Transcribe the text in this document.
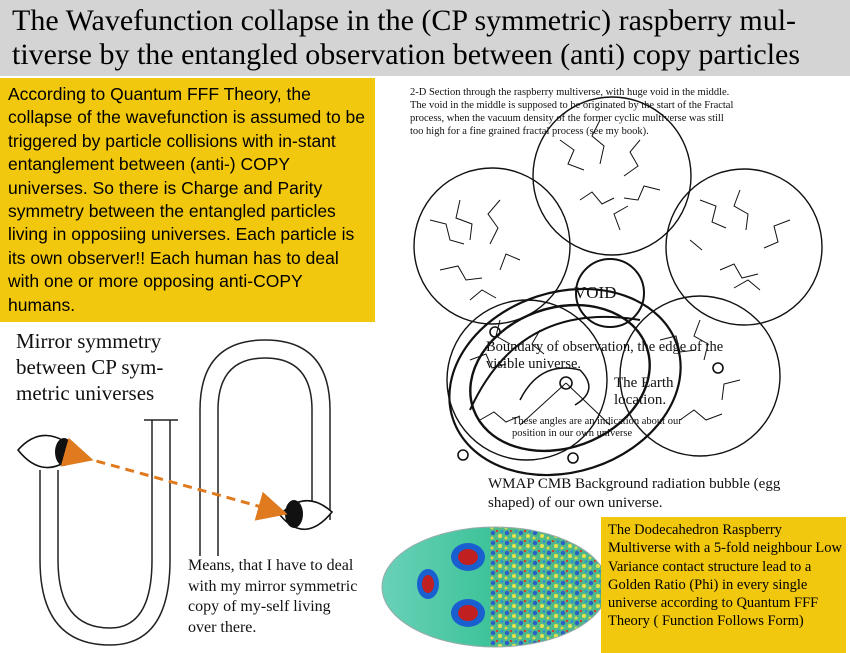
The Wavefunction collapse in the (CP symmetric) raspberry mul-tiverse by the entangled observation between (anti) copy particles
According to Quantum FFF Theory, the collapse of the wavefunction is assumed to be triggered by particle collisions with in-stant entanglement between (anti-) COPY universes. So there is Charge and Parity symmetry between the entangled particles living in opposiing universes. Each particle is its own observer!! Each human has to deal with one or more opposing anti-COPY humans.
Mirror symmetry between CP sym-metric universes
Means, that I have to deal with my mirror symmetric copy of my-self living over there.
2-D Section through the raspberry multiverse, with huge void in the middle. The void in the middle is supposed to be originated by the start of the Fractal process, when the vacuum density of the former cyclic multiverse was still too high for a fine grained fractal process (see my book).
VOID
Boundary of observation, the edge of the visible universe.
The Earth location.
These angles are an indication about our position in our own universe
WMAP CMB Background radiation bubble (egg shaped) of our own universe.
The Dodecahedron Raspberry Multiverse with a 5-fold neighbour Low Variance contact structure lead to a Golden Ratio (Phi) in every single universe according to Quantum FFF Theory ( Function Follows Form)
